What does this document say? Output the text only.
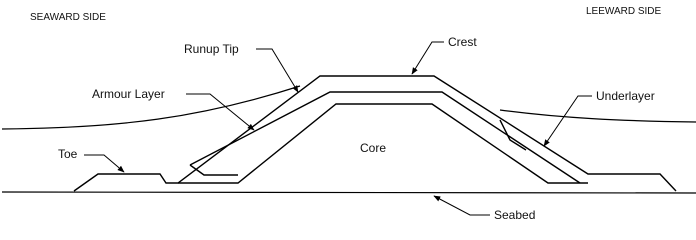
SEAWARD SIDE
LEEWARD SIDE
Core
Runup Tip	Crest
Armour Layer	Underlayer
Toe
Seabed
